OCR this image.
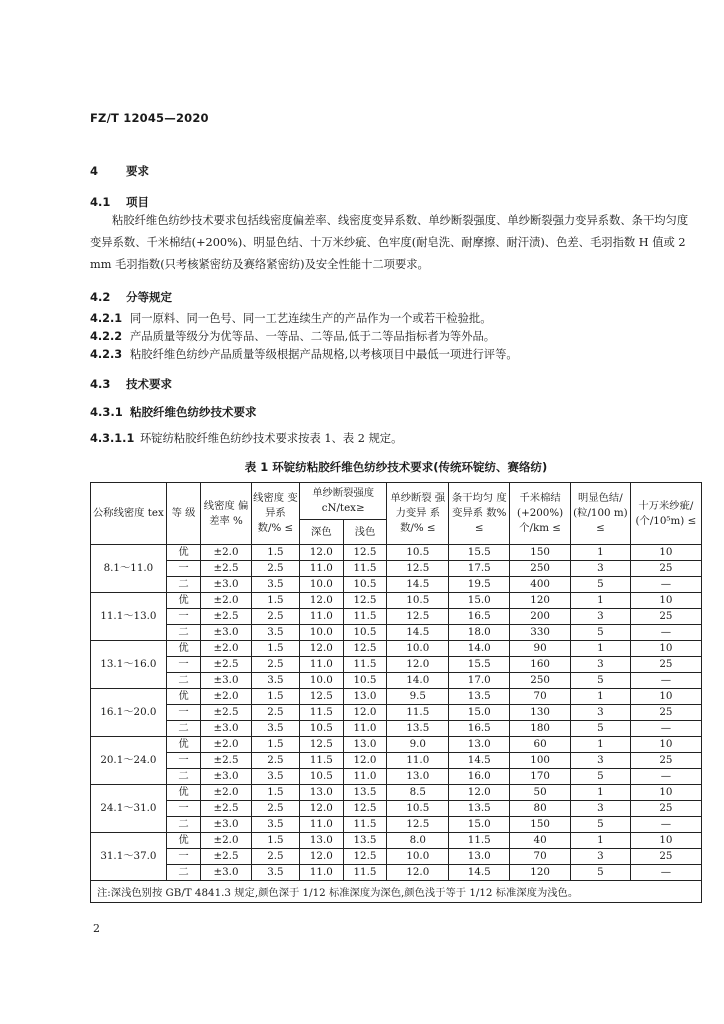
FZ/T 12045—2020
4 要求
4.1 项目
粘胶纤维色纺纱技术要求包括线密度偏差率、线密度变异系数、单纱断裂强度、单纱断裂强力变异系数、条干均匀度变异系数、千米棉结(+200%)、明显色结、十万米纱疵、色牢度(耐皂洗、耐摩擦、耐汗渍)、色差、毛羽指数 H 值或 2 mm 毛羽指数(只考核紧密纺及赛络紧密纺)及安全性能十二项要求。
4.2 分等规定
4.2.1 同一原料、同一色号、同一工艺连续生产的产品作为一个或若干检验批。
4.2.2 产品质量等级分为优等品、一等品、二等品,低于二等品指标者为等外品。
4.2.3 粘胶纤维色纺纱产品质量等级根据产品规格,以考核项目中最低一项进行评等。
4.3 技术要求
4.3.1 粘胶纤维色纺纱技术要求
4.3.1.1 环锭纺粘胶纤维色纺纱技术要求按表 1、表 2 规定。
表 1 环锭纺粘胶纤维色纺纱技术要求(传统环锭纺、赛络纺)
公称线密度 tex	等 级	线密度 偏差率 %	线密度 变异系 数/% ≤	单纱断裂强度 cN/tex≥		单纱断裂 强力变异 系数/% ≤	条干均匀 度变异系 数% ≤	千米棉结 (+200%) 个/km ≤	明显色结/ (粒/100 m) ≤	十万米纱疵/ (个/10⁵m) ≤
				深色	浅色					
8.1～11.0	优	±2.0	1.5	12.0	12.5	10.5	15.5	150	1	10
	一	±2.5	2.5	11.0	11.5	12.5	17.5	250	3	25
	二	±3.0	3.5	10.0	10.5	14.5	19.5	400	5	—
11.1～13.0	优	±2.0	1.5	12.0	12.5	10.5	15.0	120	1	10
	一	±2.5	2.5	11.0	11.5	12.5	16.5	200	3	25
	二	±3.0	3.5	10.0	10.5	14.5	18.0	330	5	—
13.1～16.0	优	±2.0	1.5	12.0	12.5	10.0	14.0	90	1	10
	一	±2.5	2.5	11.0	11.5	12.0	15.5	160	3	25
	二	±3.0	3.5	10.0	10.5	14.0	17.0	250	5	—
16.1～20.0	优	±2.0	1.5	12.5	13.0	9.5	13.5	70	1	10
	一	±2.5	2.5	11.5	12.0	11.5	15.0	130	3	25
	二	±3.0	3.5	10.5	11.0	13.5	16.5	180	5	—
20.1～24.0	优	±2.0	1.5	12.5	13.0	9.0	13.0	60	1	10
	一	±2.5	2.5	11.5	12.0	11.0	14.5	100	3	25
	二	±3.0	3.5	10.5	11.0	13.0	16.0	170	5	—
24.1～31.0	优	±2.0	1.5	13.0	13.5	8.5	12.0	50	1	10
	一	±2.5	2.5	12.0	12.5	10.5	13.5	80	3	25
	二	±3.0	3.5	11.0	11.5	12.5	15.0	150	5	—
31.1～37.0	优	±2.0	1.5	13.0	13.5	8.0	11.5	40	1	10
	一	±2.5	2.5	12.0	12.5	10.0	13.0	70	3	25
	二	±3.0	3.5	11.0	11.5	12.0	14.5	120	5	—
注:深浅色别按 GB/T 4841.3 规定,颜色深于 1/12 标准深度为深色,颜色浅于等于 1/12 标准深度为浅色。										
2
